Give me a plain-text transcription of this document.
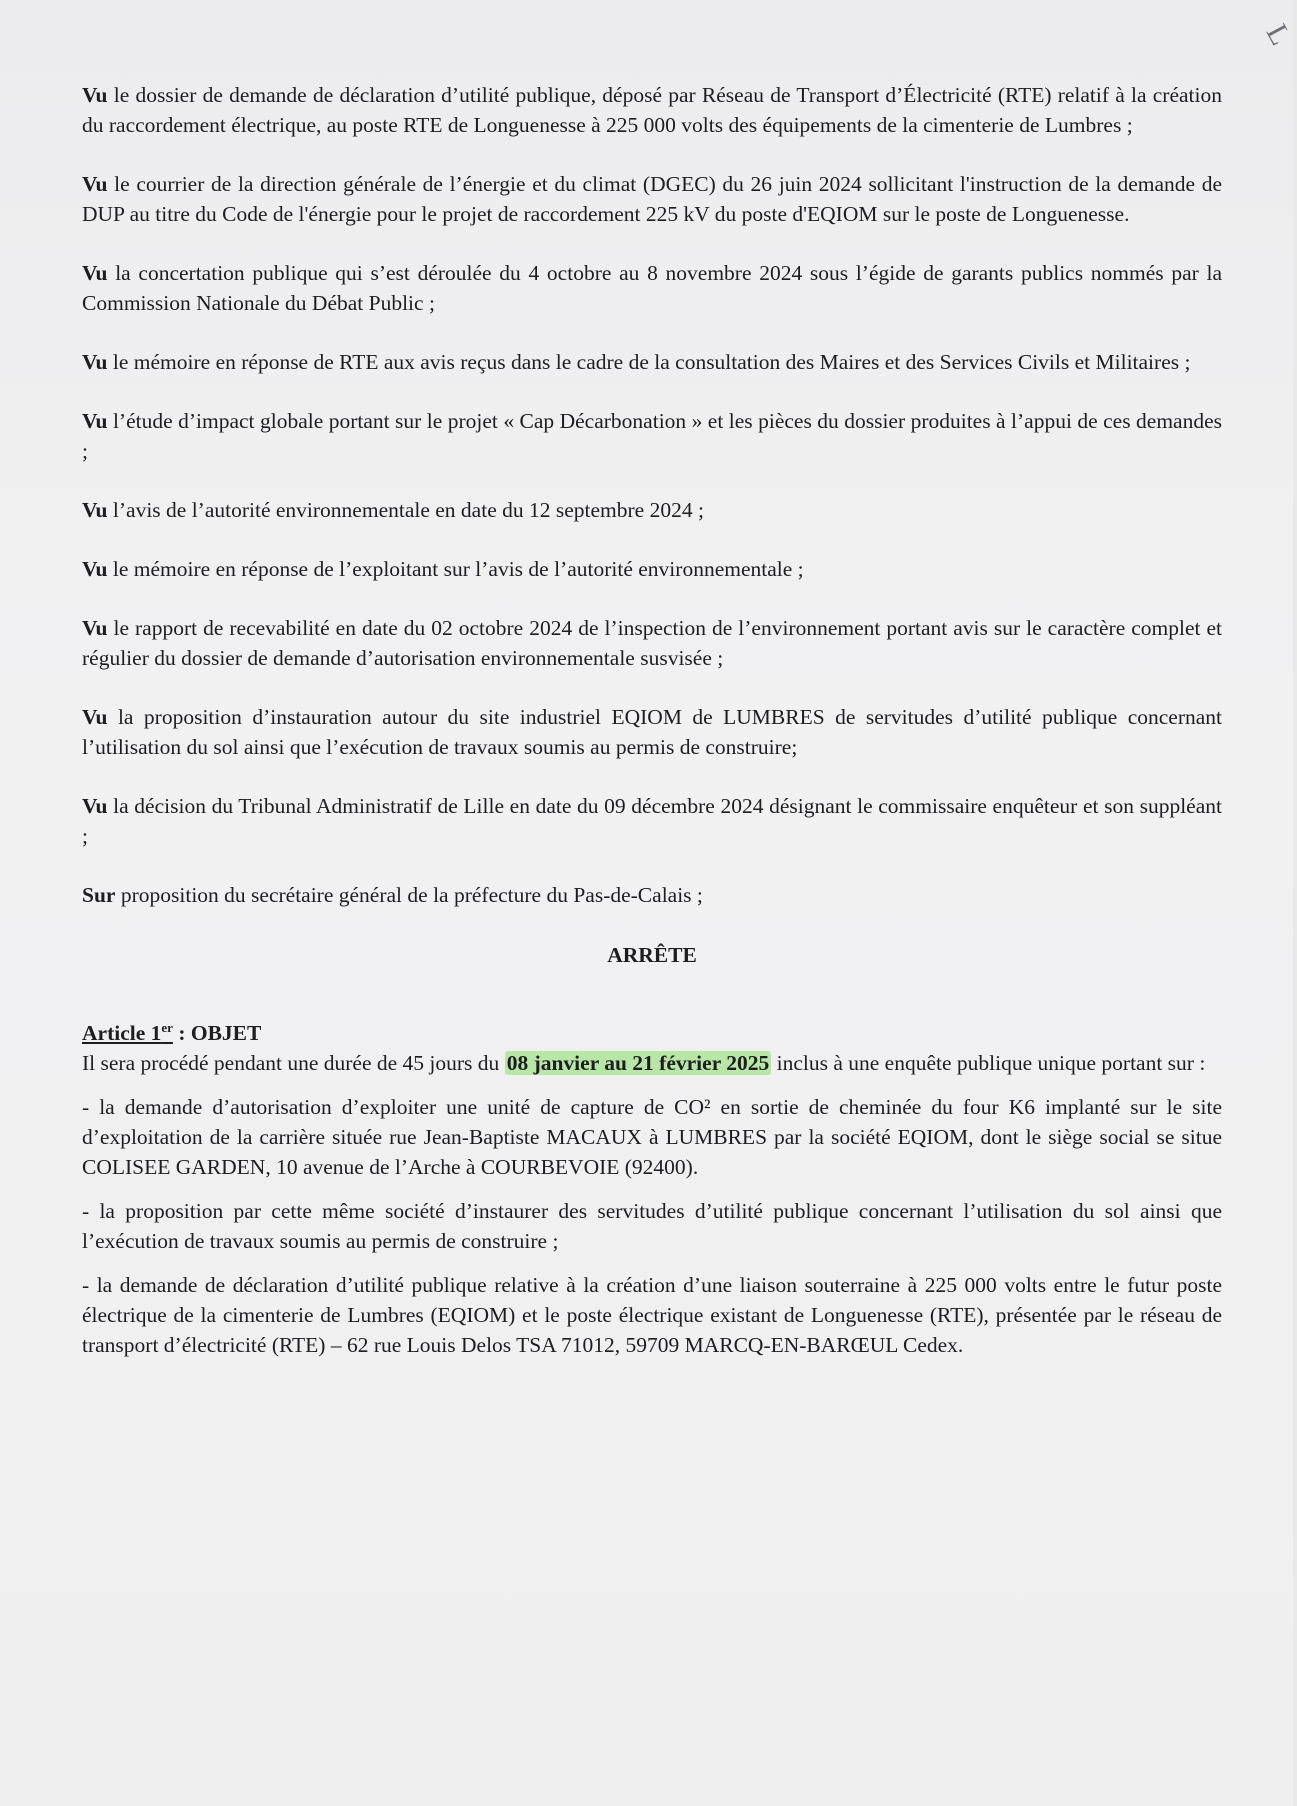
L

Vu le dossier de demande de déclaration d’utilité publique, déposé par Réseau de Transport d’Électricité (RTE) relatif à la création du raccordement électrique, au poste RTE de Longuenesse à 225 000 volts des équipements de la cimenterie de Lumbres ;

Vu le courrier de la direction générale de l’énergie et du climat (DGEC) du 26 juin 2024 sollicitant l'instruction de la demande de DUP au titre du Code de l'énergie pour le projet de raccordement 225 kV du poste d'EQIOM sur le poste de Longuenesse.

Vu la concertation publique qui s’est déroulée du 4 octobre au 8 novembre 2024 sous l’égide de garants publics nommés par la Commission Nationale du Débat Public ;

Vu le mémoire en réponse de RTE aux avis reçus dans le cadre de la consultation des Maires et des Services Civils et Militaires ;

Vu l’étude d’impact globale portant sur le projet « Cap Décarbonation » et les pièces du dossier produites à l’appui de ces demandes ;

Vu l’avis de l’autorité environnementale en date du 12 septembre 2024 ;

Vu le mémoire en réponse de l’exploitant sur l’avis de l’autorité environnementale ;

Vu le rapport de recevabilité en date du 02 octobre 2024 de l’inspection de l’environnement portant avis sur le caractère complet et régulier du dossier de demande d’autorisation environnementale susvisée ;

Vu la proposition d’instauration autour du site industriel EQIOM de LUMBRES de servitudes d’utilité publique concernant l’utilisation du sol ainsi que l’exécution de travaux soumis au permis de construire;

Vu la décision du Tribunal Administratif de Lille en date du 09 décembre 2024 désignant le commissaire enquêteur et son suppléant ;

Sur proposition du secrétaire général de la préfecture du Pas-de-Calais ;

ARRÊTE

Article 1er : OBJET

Il sera procédé pendant une durée de 45 jours du 08 janvier au 21 février 2025 inclus à une enquête publique unique portant sur :

- la demande d’autorisation d’exploiter une unité de capture de CO² en sortie de cheminée du four K6 implanté sur le site d’exploitation de la carrière située rue Jean-Baptiste MACAUX à LUMBRES par la société EQIOM, dont le siège social se situe COLISEE GARDEN, 10 avenue de l’Arche à COURBEVOIE (92400).

- la proposition par cette même société d’instaurer des servitudes d’utilité publique concernant l’utilisation du sol ainsi que l’exécution de travaux soumis au permis de construire ;

- la demande de déclaration d’utilité publique relative à la création d’une liaison souterraine à 225 000 volts entre le futur poste électrique de la cimenterie de Lumbres (EQIOM) et le poste électrique existant de Longuenesse (RTE), présentée par le réseau de transport d’électricité (RTE) – 62 rue Louis Delos TSA 71012, 59709 MARCQ-EN-BARŒUL Cedex.
